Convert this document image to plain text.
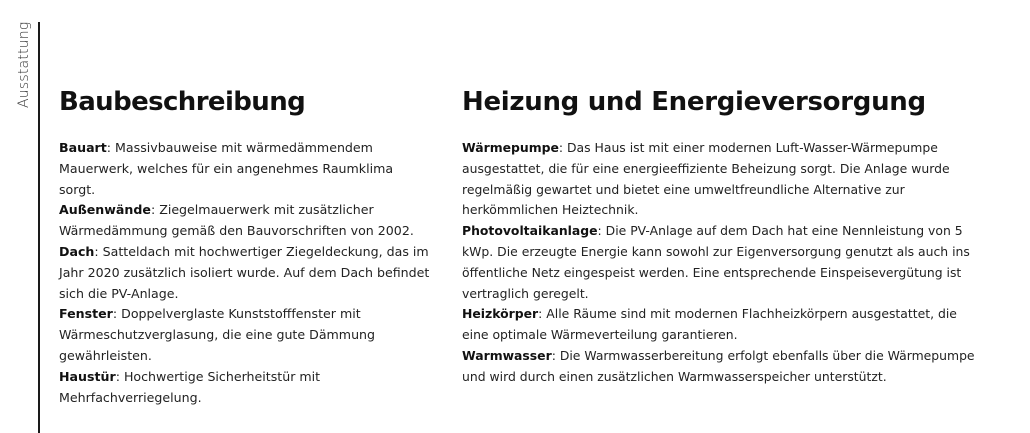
Ausstattung Baubeschreibung

Bauart: Massivbauweise mit wärmedämmendem Mauerwerk, welches für ein angenehmes Raumklima sorgt.

Außenwände: Ziegelmauerwerk mit zusätzlicher Wärmedämmung gemäß den Bauvorschriften von 2002.

Dach: Satteldach mit hochwertiger Ziegeldeckung, das im Jahr 2020 zusätzlich isoliert wurde. Auf dem Dach befindet sich die PV-Anlage.

Fenster: Doppelverglaste Kunststofffenster mit Wärmeschutzverglasung, die eine gute Dämmung gewährleisten.

Haustür: Hochwertige Sicherheitstür mit Mehrfachverriegelung.

Heizung und Energieversorgung

Wärmepumpe: Das Haus ist mit einer modernen Luft-Wasser-Wärmepumpe ausgestattet, die für eine energieeffiziente Beheizung sorgt. Die Anlage wurde regelmäßig gewartet und bietet eine umweltfreundliche Alternative zur herkömmlichen Heiztechnik.

Photovoltaikanlage: Die PV-Anlage auf dem Dach hat eine Nennleistung von 5 kWp. Die erzeugte Energie kann sowohl zur Eigenversorgung genutzt als auch ins öffentliche Netz eingespeist werden. Eine entsprechende Einspeisevergütung ist vertraglich geregelt.

Heizkörper: Alle Räume sind mit modernen Flachheizkörpern ausgestattet, die eine optimale Wärmeverteilung garantieren.

Warmwasser: Die Warmwasserbereitung erfolgt ebenfalls über die Wärmepumpe und wird durch einen zusätzlichen Warmwasserspeicher unterstützt.
